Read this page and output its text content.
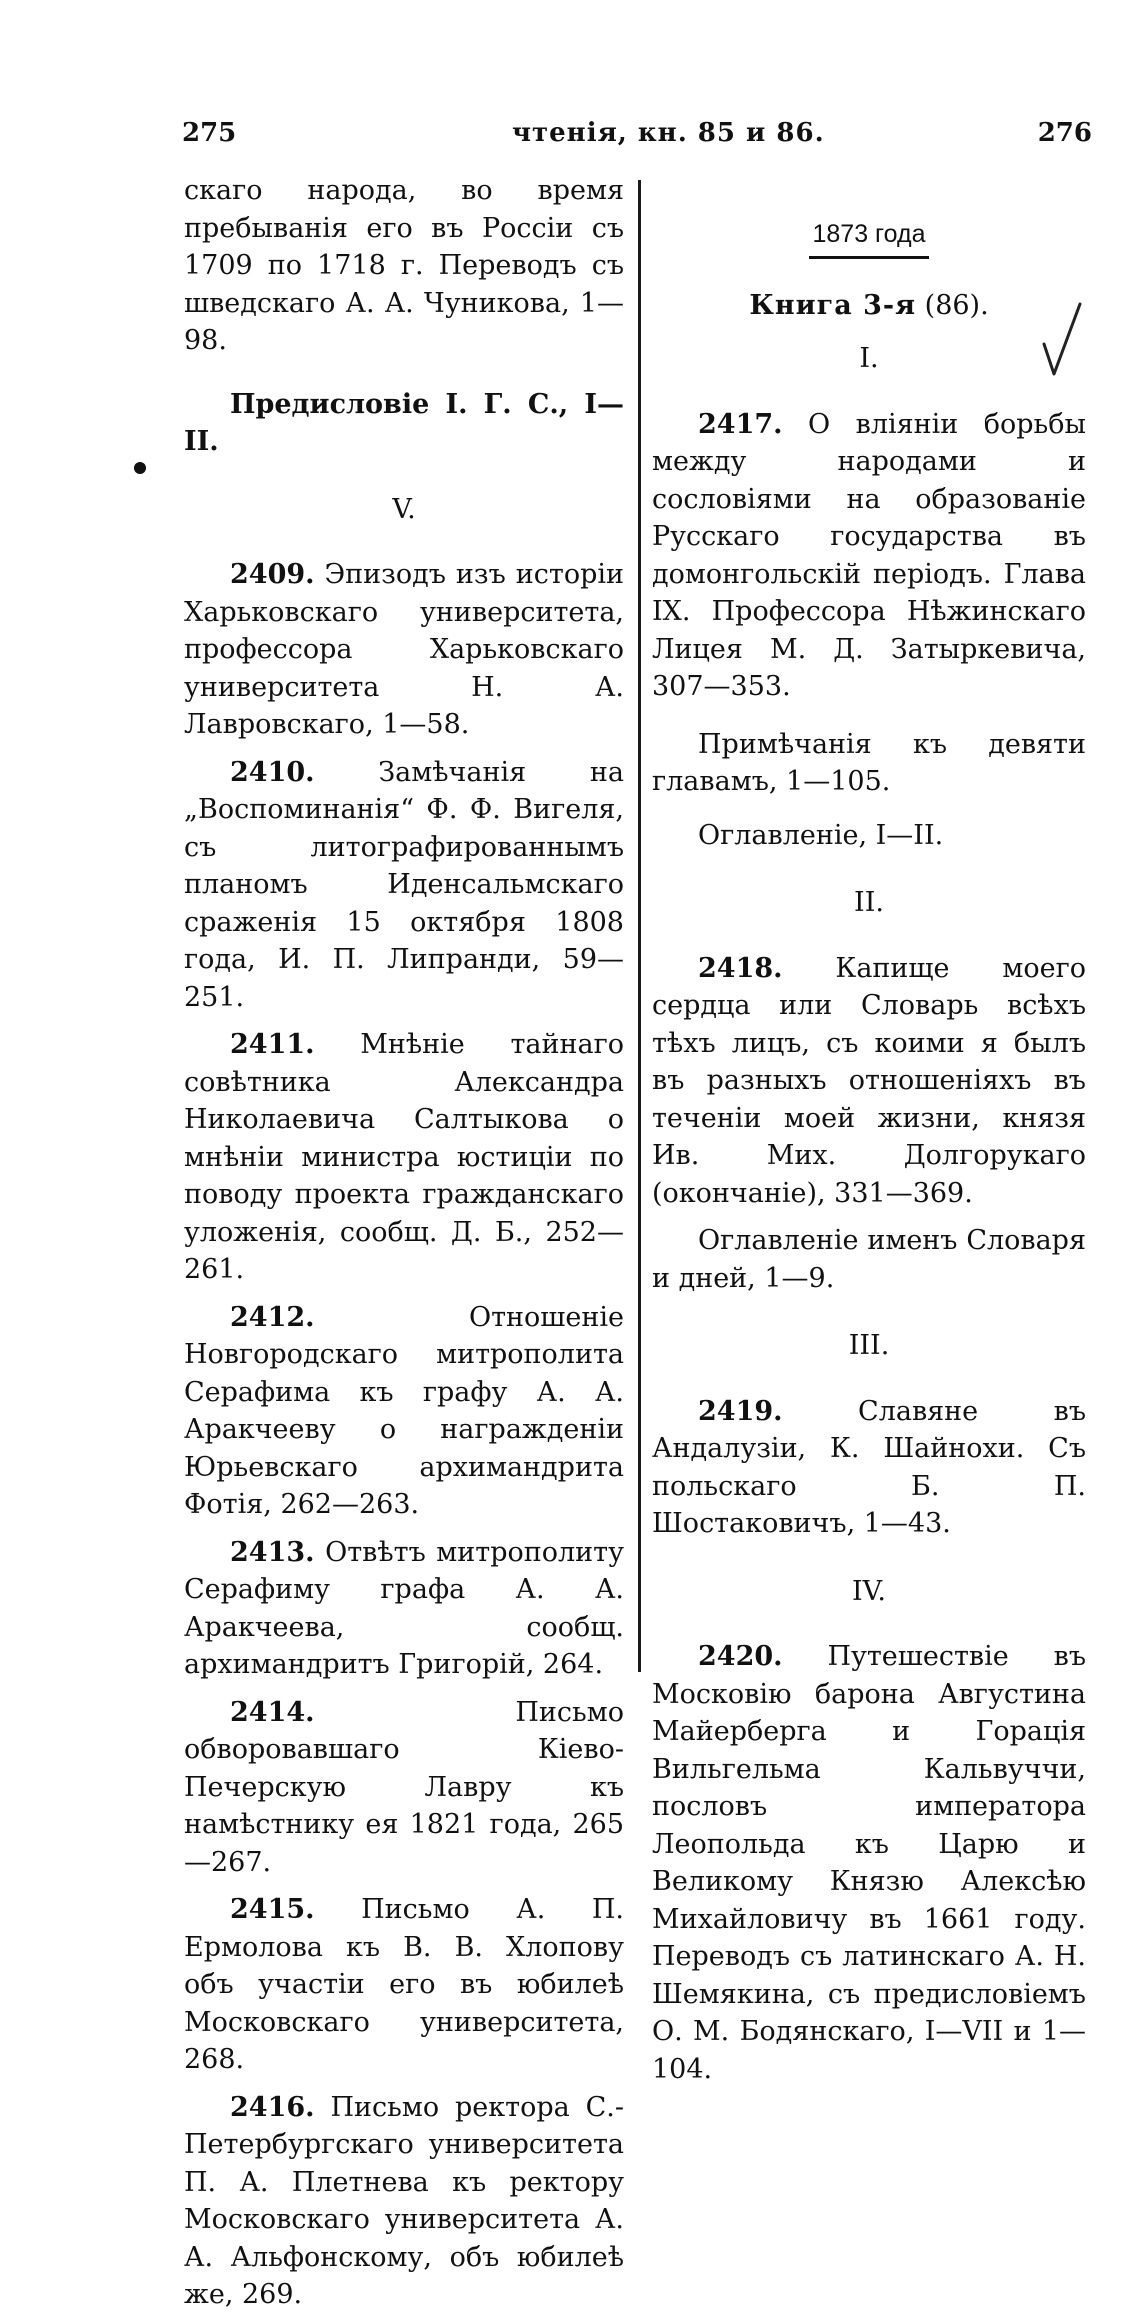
275	чтенія, кн. 85 и 86.	276

скаго народа, во время пребыванія его въ Россіи съ 1709 по 1718 г. Переводъ съ шведскаго А. А. Чуникова, 1—98.

Предисловіе І. Г. С., І—ІІ.

V.

2409. Эпизодъ изъ исторіи Харьковскаго университета, профессора Харьковскаго университета Н. А. Лавровскаго, 1—58.

2410. Замѣчанія на „Воспоминанія“ Ф. Ф. Вигеля, съ литографированнымъ планомъ Иденсальмскаго сраженія 15 октября 1808 года, И. П. Липранди, 59—251.

2411. Мнѣніе тайнаго совѣтника Александра Николаевича Салтыкова о мнѣніи министра юстиціи по поводу проекта гражданскаго уложенія, сообщ. Д. Б., 252—261.

2412.	Отношеніе Новгородскаго митрополита Серафима къ графу А. А. Аракчееву о награжденіи Юрьевскаго архимандрита Фотія, 262—263.

2413. Отвѣтъ митрополиту Серафиму графа А. А. Аракчеева, сообщ. архимандритъ Григорій, 264.

2414.	Письмо обворовавшаго Кіево-Печерскую Лавру къ намѣстнику ея 1821 года, 265—267.

2415. Письмо А. П. Ермолова къ В. В. Хлопову объ участіи его въ юбилеѣ Московскаго университета, 268.

2416. Письмо ректора С.-Петербургскаго университета П. А. Плетнева къ ректору Московскаго университета А. А. Альфонскому, объ юбилеѣ же, 269.

1873 года
Книга 3-я (86).
I.

2417. О вліяніи борьбы между народами и сословіями на образованіе Русскаго государства въ домонгольскій періодъ. Глава IX. Профессора Нѣжинскаго Лицея М. Д. Затыркевича, 307—353.

Примѣчанія къ девяти главамъ, 1—105.

Оглавленіе, I—II.

II.

2418. Капище моего сердца или Словарь всѣхъ тѣхъ лицъ, съ коими я былъ въ разныхъ отношеніяхъ въ теченіи моей жизни, князя Ив. Мих. Долгорукаго (окончаніе), 331—369.

Оглавленіе именъ Словаря и дней, 1—9.

III.

2419.	Славяне въ Андалузіи, К. Шайнохи. Съ польскаго Б. П. Шостаковичъ, 1—43.

IV.

2420. Путешествіе въ Московію барона Августина Майерберга и Горація Вильгельма Кальвуччи, пословъ императора Леопольда къ Царю и Великому Князю Алексѣю Михайловичу въ 1661 году. Переводъ съ латинскаго А. Н. Шемякина, съ предисловіемъ О. М. Бодянскаго, I—VII и 1—104.
